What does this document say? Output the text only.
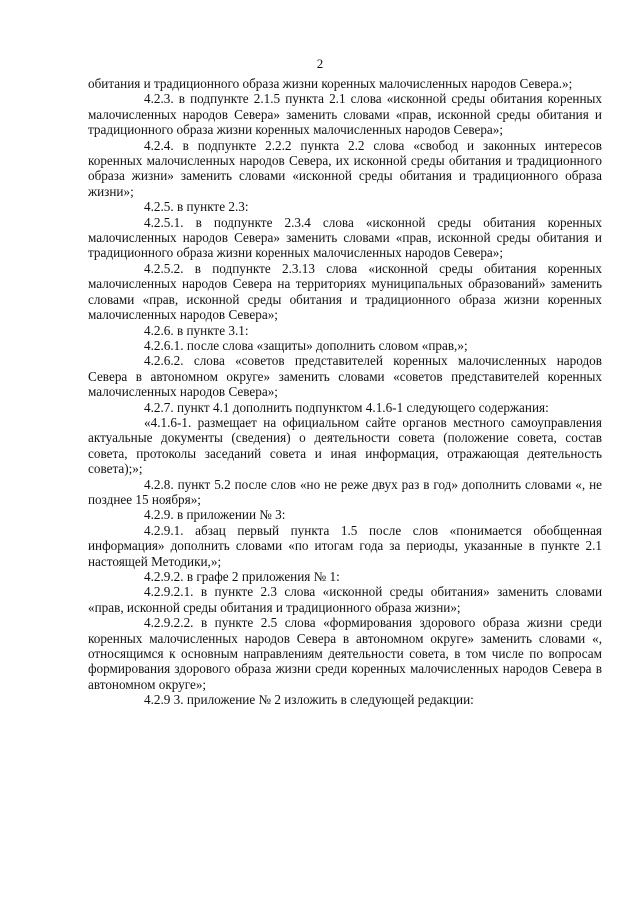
2

обитания и традиционного образа жизни коренных малочисленных народов Севера.»;

4.2.3. в подпункте 2.1.5 пункта 2.1 слова «исконной среды обитания коренных малочисленных народов Севера» заменить словами «прав, исконной среды обитания и традиционного образа жизни коренных малочисленных народов Севера»;

4.2.4. в подпункте 2.2.2 пункта 2.2 слова «свобод и законных интересов коренных малочисленных народов Севера, их исконной среды обитания и традиционного образа жизни» заменить словами «исконной среды обитания и традиционного образа жизни»;

4.2.5. в пункте 2.3:

4.2.5.1. в подпункте 2.3.4 слова «исконной среды обитания коренных малочисленных народов Севера» заменить словами «прав, исконной среды обитания и традиционного образа жизни коренных малочисленных народов Севера»;

4.2.5.2. в подпункте 2.3.13 слова «исконной среды обитания коренных малочисленных народов Севера на территориях муниципальных образований» заменить словами «прав, исконной среды обитания и традиционного образа жизни коренных малочисленных народов Севера»;

4.2.6. в пункте 3.1:

4.2.6.1. после слова «защиты» дополнить словом «прав,»;

4.2.6.2. слова «советов представителей коренных малочисленных народов Севера в автономном округе» заменить словами «советов представителей коренных малочисленных народов Севера»;

4.2.7. пункт 4.1 дополнить подпунктом 4.1.6-1 следующего содержания:

«4.1.6-1. размещает на официальном сайте органов местного самоуправления актуальные документы (сведения) о деятельности совета (положение совета, состав совета, протоколы заседаний совета и иная информация, отражающая деятельность совета);»;

4.2.8. пункт 5.2 после слов «но не реже двух раз в год» дополнить словами «, не позднее 15 ноября»;

4.2.9. в приложении № 3:

4.2.9.1. абзац первый пункта 1.5 после слов «понимается обобщенная информация» дополнить словами «по итогам года за периоды, указанные в пункте 2.1 настоящей Методики,»;

4.2.9.2. в графе 2 приложения № 1:

4.2.9.2.1. в пункте 2.3 слова «исконной среды обитания» заменить словами «прав, исконной среды обитания и традиционного образа жизни»;

4.2.9.2.2. в пункте 2.5 слова «формирования здорового образа жизни среди коренных малочисленных народов Севера в автономном округе» заменить словами «, относящимся к основным направлениям деятельности совета, в том числе по вопросам формирования здорового образа жизни среди коренных малочисленных народов Севера в автономном округе»;

4.2.9 3. приложение № 2 изложить в следующей редакции:
